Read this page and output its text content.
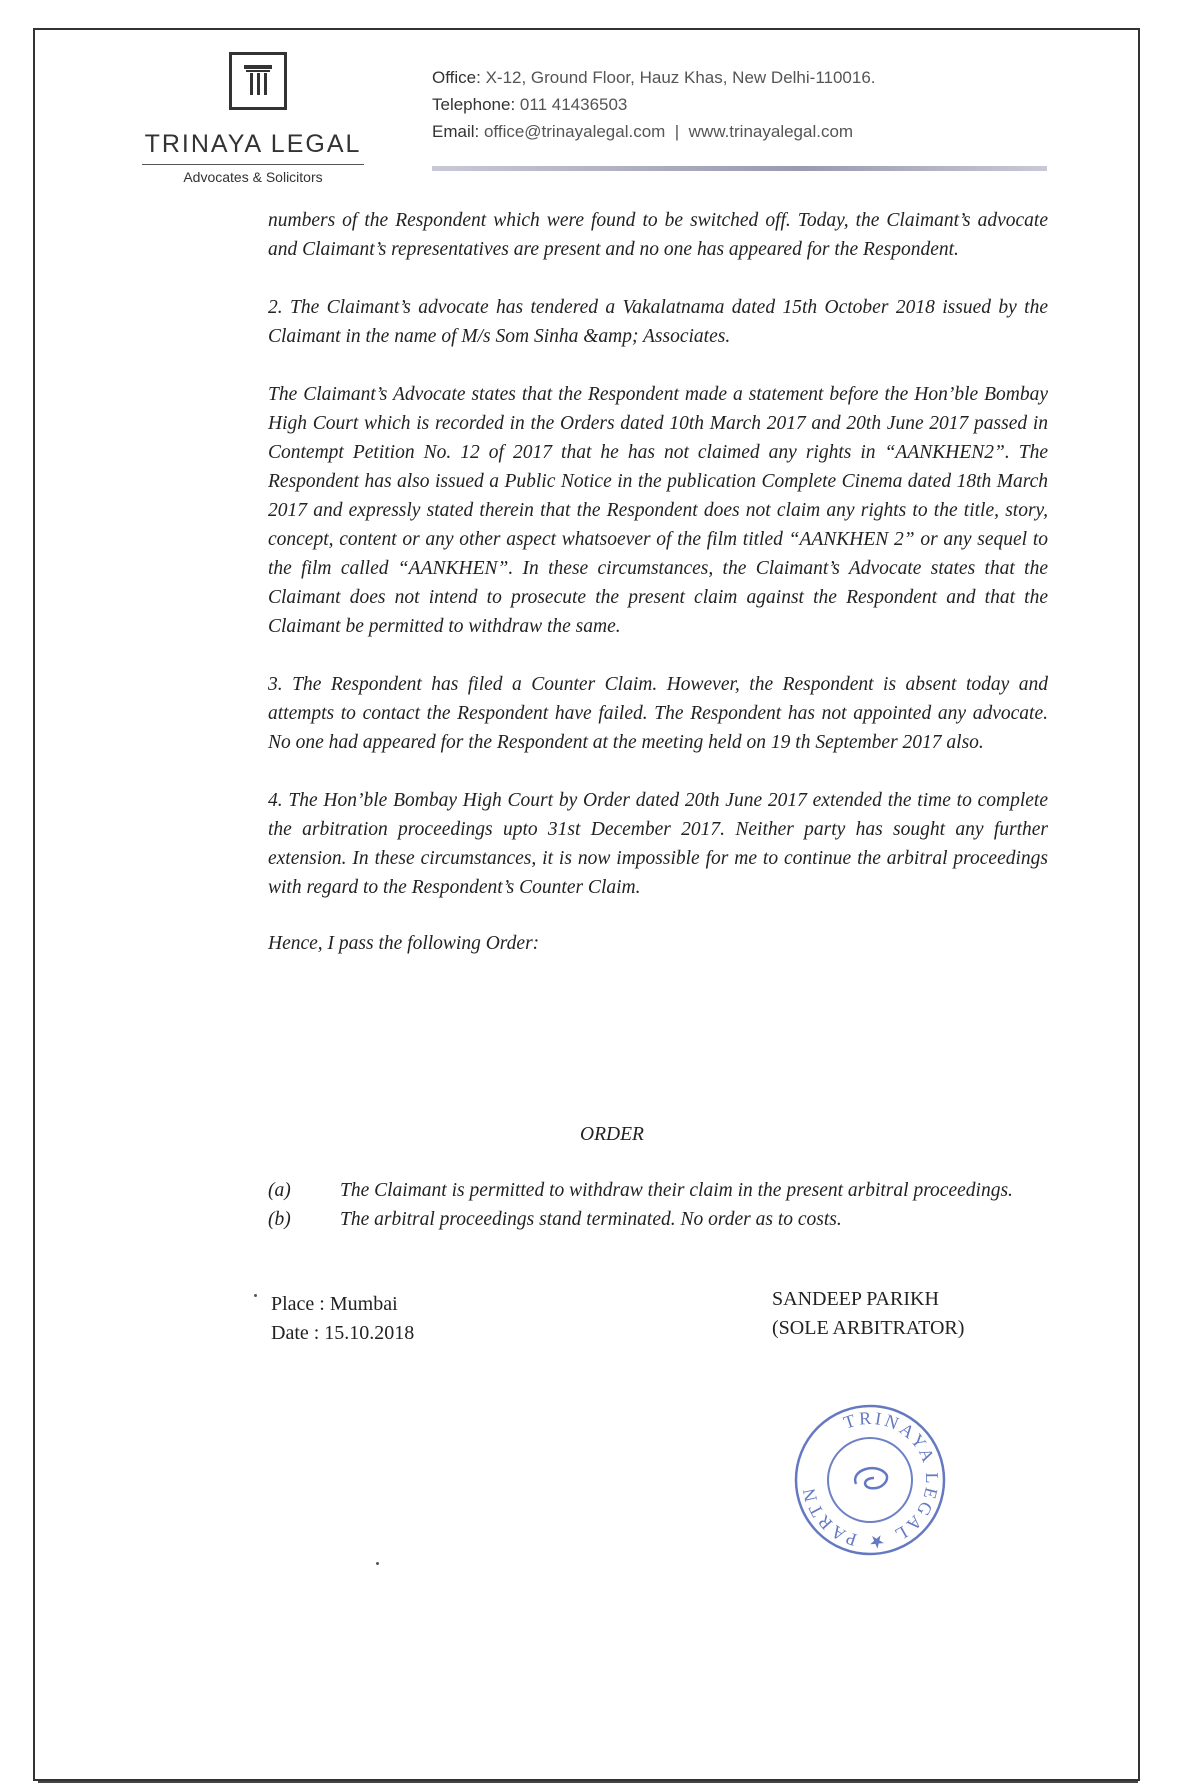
TRINAYA LEGAL
Advocates & Solicitors
Office: X-12, Ground Floor, Hauz Khas, New Delhi-110016.
Telephone: 011 41436503
Email: office@trinayalegal.com | www.trinayalegal.com

numbers of the Respondent which were found to be switched off. Today, the Claimant’s advocate and Claimant’s representatives are present and no one has appeared for the Respondent.

2. The Claimant’s advocate has tendered a Vakalatnama dated 15th October 2018 issued by the Claimant in the name of M/s Som Sinha &amp; Associates.

The Claimant’s Advocate states that the Respondent made a statement before the Hon’ble Bombay High Court which is recorded in the Orders dated 10th March 2017 and 20th June 2017 passed in Contempt Petition No. 12 of 2017 that he has not claimed any rights in “AANKHEN2”. The Respondent has also issued a Public Notice in the publication Complete Cinema dated 18th March 2017 and expressly stated therein that the Respondent does not claim any rights to the title, story, concept, content or any other aspect whatsoever of the film titled “AANKHEN 2” or any sequel to the film called “AANKHEN”. In these circumstances, the Claimant’s Advocate states that the Claimant does not intend to prosecute the present claim against the Respondent and that the Claimant be permitted to withdraw the same.

3. The Respondent has filed a Counter Claim. However, the Respondent is absent today and attempts to contact the Respondent have failed. The Respondent has not appointed any advocate. No one had appeared for the Respondent at the meeting held on 19 th September 2017 also.

4. The Hon’ble Bombay High Court by Order dated 20th June 2017 extended the time to complete the arbitration proceedings upto 31st December 2017. Neither party has sought any further extension. In these circumstances, it is now impossible for me to continue the arbitral proceedings with regard to the Respondent’s Counter Claim.

Hence, I pass the following Order:

ORDER
(a)	The Claimant is permitted to withdraw their claim in the present arbitral proceedings.
(b)	The arbitral proceedings stand terminated. No order as to costs.
Place : Mumbai
Date : 15.10.2018
SANDEEP PARIKH
(SOLE ARBITRATOR)
TRINAYA LEGAL ★ PARTN
